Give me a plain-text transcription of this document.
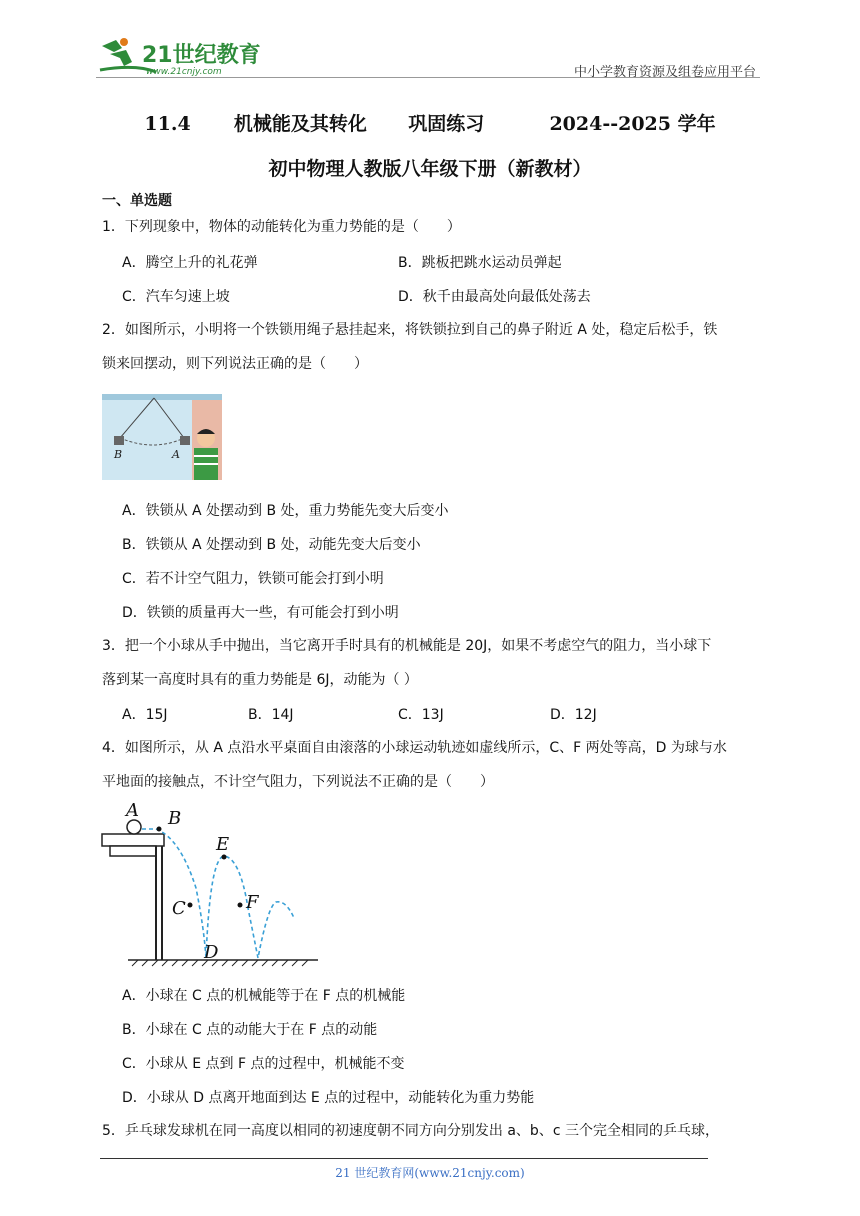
21世纪教育
www.21cnjy.com	中小学教育资源及组卷应用平台
11.4 机械能及其转化 巩固练习	2024--2025 学年
初中物理人教版八年级下册（新教材）
一、单选题
1．下列现象中，物体的动能转化为重力势能的是（　　）
A．腾空上升的礼花弹	B．跳板把跳水运动员弹起
C．汽车匀速上坡	D．秋千由最高处向最低处荡去
2．如图所示，小明将一个铁锁用绳子悬挂起来，将铁锁拉到自己的鼻子附近 A 处，稳定后松手，铁
锁来回摆动，则下列说法正确的是（　　）
B	A
A．铁锁从 A 处摆动到 B 处，重力势能先变大后变小
B．铁锁从 A 处摆动到 B 处，动能先变大后变小
C．若不计空气阻力，铁锁可能会打到小明
D．铁锁的质量再大一些，有可能会打到小明
3．把一个小球从手中抛出，当它离开手时具有的机械能是 20J，如果不考虑空气的阻力，当小球下
落到某一高度时具有的重力势能是 6J，动能为（ ）
A．15J	B．14J	C．13J	D．12J
4．如图所示，从 A 点沿水平桌面自由滚落的小球运动轨迹如虚线所示，C、F 两处等高，D 为球与水
平地面的接触点，不计空气阻力，下列说法不正确的是（　　）
A B
C
D
E
F
A．小球在 C 点的机械能等于在 F 点的机械能
B．小球在 C 点的动能大于在 F 点的动能
C．小球从 E 点到 F 点的过程中，机械能不变
D．小球从 D 点离开地面到达 E 点的过程中，动能转化为重力势能
5．乒乓球发球机在同一高度以相同的初速度朝不同方向分别发出 a、b、c 三个完全相同的乒乓球，
21 世纪教育网(www.21cnjy.com)
